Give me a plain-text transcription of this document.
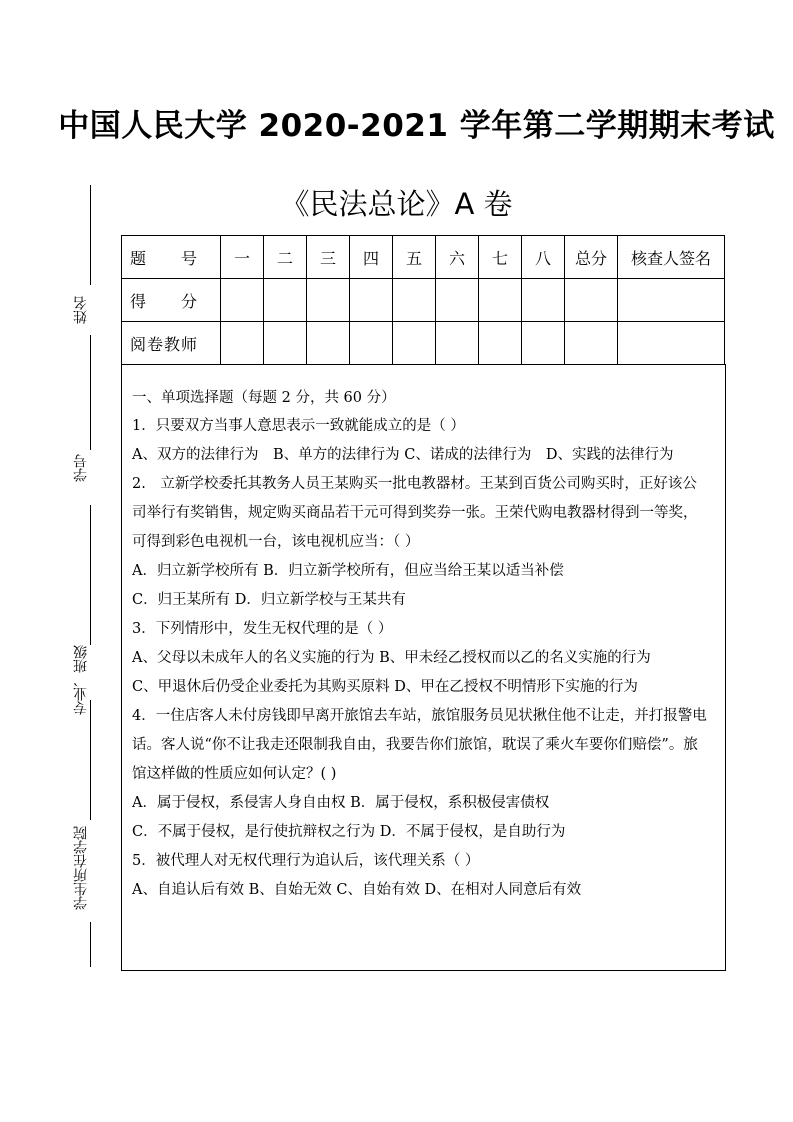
中国人民大学 2020-2021 学年第二学期期末考试
《民法总论》A 卷
姓名
学号
专业、班级
学生所在学院
题　　号	一	二	三	四	五	六	七	八	总分	核查人签名
得　　分										
阅卷教师										
一、单项选择题（每题 2 分，共 60 分）
1．只要双方当事人意思表示一致就能成立的是（ ）
A、双方的法律行为　B、单方的法律行为 C、诺成的法律行为　D、实践的法律行为
2.　立新学校委托其教务人员王某购买一批电教器材。王某到百货公司购买时，正好该公
司举行有奖销售，规定购买商品若干元可得到奖券一张。王荣代购电教器材得到一等奖，
可得到彩色电视机一台，该电视机应当：（ ）
A．归立新学校所有 B．归立新学校所有，但应当给王某以适当补偿
C．归王某所有 D．归立新学校与王某共有
3．下列情形中，发生无权代理的是（ ）
A、父母以未成年人的名义实施的行为 B、甲未经乙授权而以乙的名义实施的行为
C、甲退休后仍受企业委托为其购买原料 D、甲在乙授权不明情形下实施的行为
4．一住店客人未付房钱即早离开旅馆去车站，旅馆服务员见状揪住他不让走，并打报警电
话。客人说“你不让我走还限制我自由，我要告你们旅馆，耽误了乘火车要你们赔偿”。旅
馆这样做的性质应如何认定？( )
A．属于侵权，系侵害人身自由权 B．属于侵权，系积极侵害债权
C．不属于侵权，是行使抗辩权之行为 D．不属于侵权，是自助行为
5．被代理人对无权代理行为追认后，该代理关系（ ）
A、自追认后有效 B、自始无效 C、自始有效 D、在相对人同意后有效
